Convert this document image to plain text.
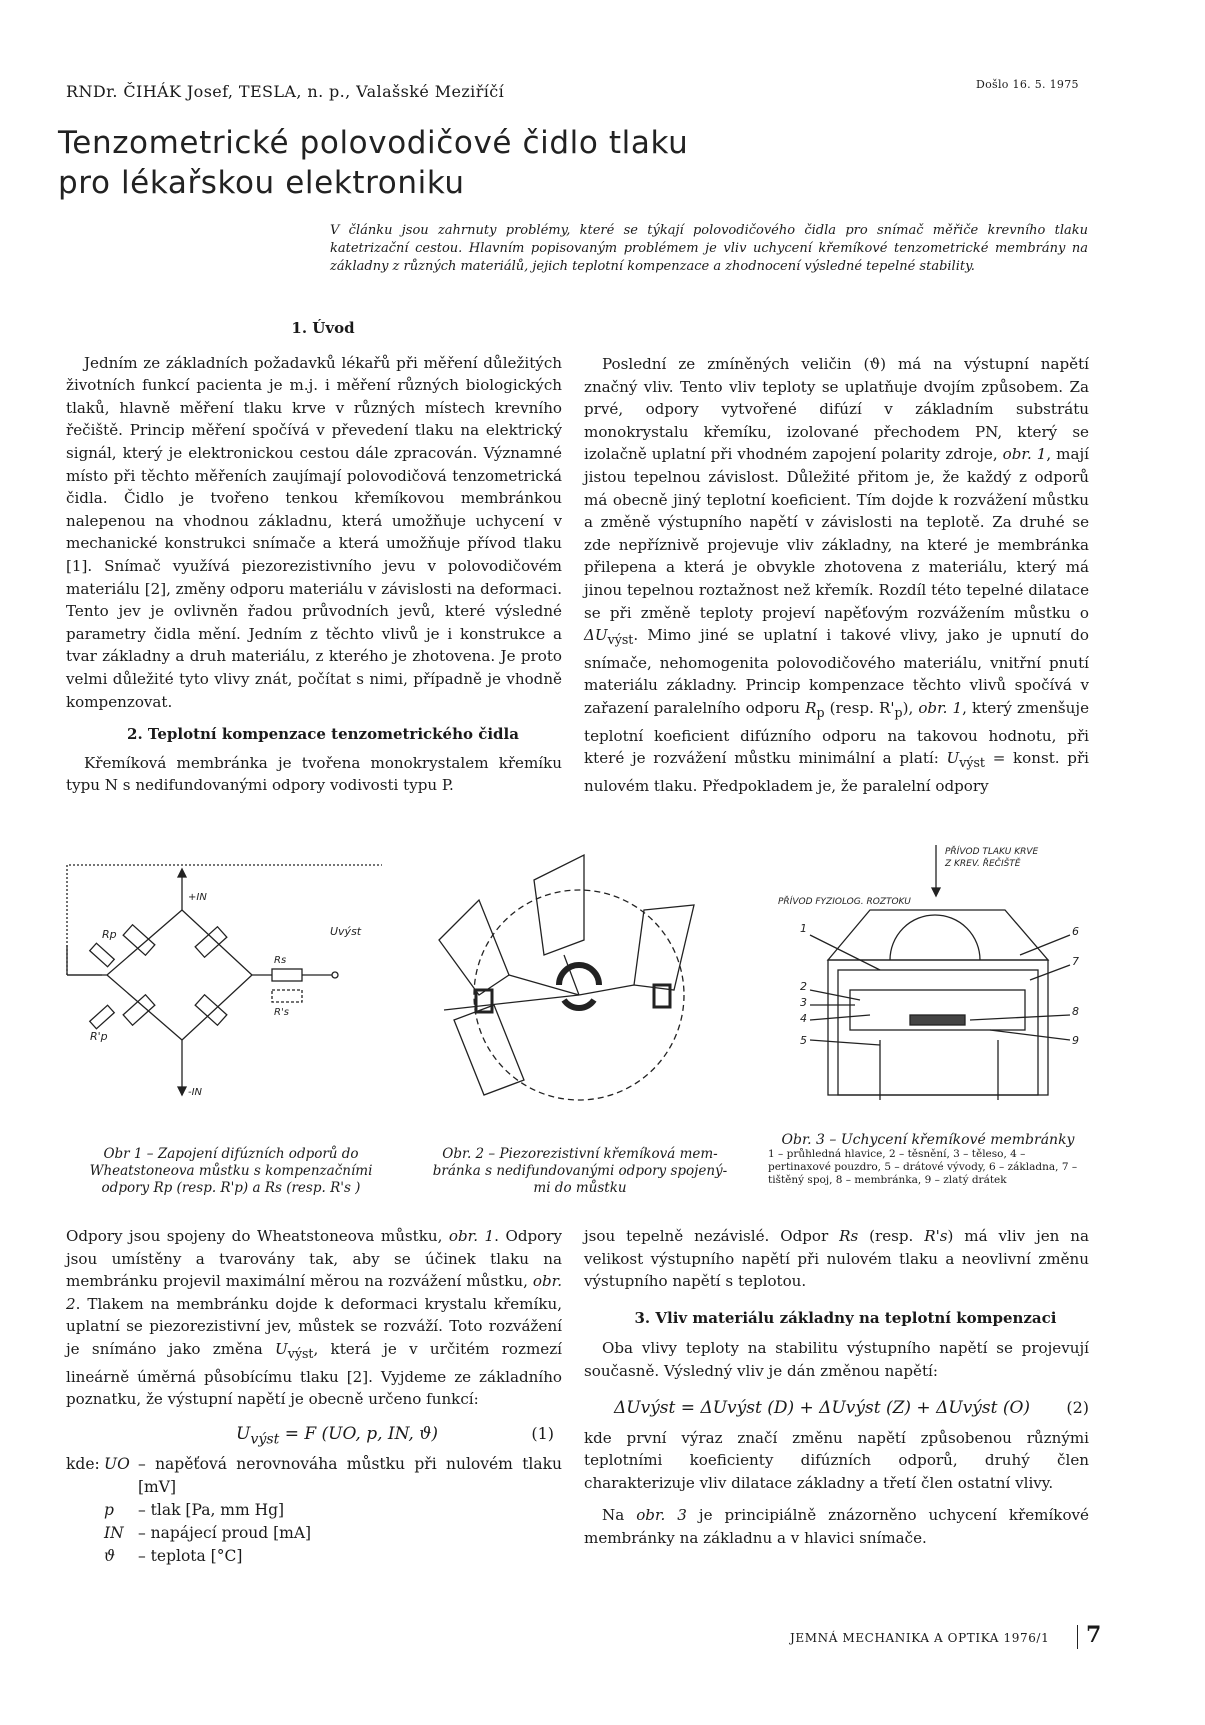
RNDr. ČIHÁK Josef, TESLA, n. p., Valašské Meziříčí	Došlo 16. 5. 1975
Tenzometrické polovodičové čidlo tlaku
pro lékařskou elektroniku

V článku jsou zahrnuty problémy, které se týkají polovodičového čidla pro snímač měřiče krevního tlaku katetrizační cestou. Hlavním popisovaným problémem je vliv uchycení křemíkové tenzometrické membrány na základny z různých materiálů, jejich teplotní kompenzace a zhodnocení výsledné tepelné stability.

1. Úvod

Jedním ze základních požadavků lékařů při měření důležitých životních funkcí pacienta je m.j. i měření různých biologických tlaků, hlavně měření tlaku krve v různých místech krevního řečiště. Princip měření spočívá v převedení tlaku na elektrický signál, který je elektronickou cestou dále zpracován. Významné místo při těchto měřeních zaujímají polovodičová tenzometrická čidla. Čidlo je tvořeno tenkou křemíkovou membránkou nalepenou na vhodnou základnu, která umožňuje uchycení v mechanické konstrukci snímače a která umožňuje přívod tlaku [1]. Snímač využívá piezorezistivního jevu v polovodičovém materiálu [2], změny odporu materiálu v závislosti na deformaci. Tento jev je ovlivněn řadou průvodních jevů, které výsledné parametry čidla mění. Jedním z těchto vlivů je i konstrukce a tvar základny a druh materiálu, z kterého je zhotovena. Je proto velmi důležité tyto vlivy znát, počítat s nimi, případně je vhodně kompenzovat.

2. Teplotní kompenzace tenzometrického čidla

Křemíková membránka je tvořena monokrystalem křemíku typu N s nedifundovanými odpory vodivosti typu P.

Poslední ze zmíněných veličin (ϑ) má na výstupní napětí značný vliv. Tento vliv teploty se uplatňuje dvojím způsobem. Za prvé, odpory vytvořené difúzí v základním substrátu monokrystalu křemíku, izolované přechodem PN, který se izolačně uplatní při vhodném zapojení polarity zdroje, obr. 1, mají jistou tepelnou závislost. Důležité přitom je, že každý z odporů má obecně jiný teplotní koeficient. Tím dojde k rozvážení můstku a změně výstupního napětí v závislosti na teplotě. Za druhé se zde nepříznivě projevuje vliv základny, na které je membránka přilepena a která je obvykle zhotovena z materiálu, který má jinou tepelnou roztažnost než křemík. Rozdíl této tepelné dilatace se při změně teploty projeví napěťovým rozvážením můstku o $\Delta U_{výst}$. Mimo jiné se uplatní i takové vlivy, jako je upnutí do snímače, nehomogenita polovodičového materiálu, vnitřní pnutí materiálu základny. Princip kompenzace těchto vlivů spočívá v zařazení paralelního odporu $R_p$ (resp. $R'_p$), obr. 1, který zmenšuje teplotní koeficient difúzního odporu na takovou hodnotu, při které je rozvážení můstku minimální a platí: $U_{výst}$ = konst. při nulovém tlaku. Předpokladem je, že paralelní odpory

Rp
R'p
Rs
R's
+IN
-IN
Uvýst
PŘÍVOD TLAKU KRVE
Z KREV. ŘEČIŠTĚ
PŘÍVOD FYZIOLOG. ROZTOKU
1
2
3
4
5
6
7
8
9
Obr 1 – Zapojení difúzních odporů do
Wheatstoneova můstku s kompenzačními
odpory Rp (resp. R'p) a Rs (resp. R's )
Obr. 2 – Piezorezistivní křemíková mem-
bránka s nedifundovanými odpory spojený-
mi do můstku
Obr. 3 – Uchycení křemíkové membránky
1 – průhledná hlavice, 2 – těsnění, 3 – těleso, 4 – pertinaxové pouzdro, 5 – drátové vývody, 6 – základna, 7 – tištěný spoj, 8 – membránka, 9 – zlatý drátek

Odpory jsou spojeny do Wheatstoneova můstku, obr. 1. Odpory jsou umístěny a tvarovány tak, aby se účinek tlaku na membránku projevil maximální měrou na rozvážení můstku, obr. 2. Tlakem na membránku dojde k deformaci krystalu křemíku, uplatní se piezorezistivní jev, můstek se rozváží. Toto rozvážení je snímáno jako změna $U_{výst}$, která je v určitém rozmezí lineárně úměrná působícímu tlaku [2]. Vyjdeme ze základního poznatku, že výstupní napětí je obecně určeno funkcí:

$U_{výst} = F$ (UO, p, IN, ϑ)	(1)
kde: UO – napěťová nerovnováha můstku při nulovém tlaku [mV]
p – tlak [Pa, mm Hg]
IN – napájecí proud [mA]
ϑ – teplota [°C]

jsou tepelně nezávislé. Odpor Rs (resp. R's) má vliv jen na velikost výstupního napětí při nulovém tlaku a neovlivní změnu výstupního napětí s teplotou.

3. Vliv materiálu základny na teplotní kompenzaci

Oba vlivy teploty na stabilitu výstupního napětí se projevují současně. Výsledný vliv je dán změnou napětí:

ΔUvýst = ΔUvýst (D) + ΔUvýst (Z) + ΔUvýst (O) (2)

kde první výraz značí změnu napětí způsobenou různými teplotními koeficienty difúzních odporů, druhý člen charakterizuje vliv dilatace základny a třetí člen ostatní vlivy.

Na obr. 3 je principiálně znázorněno uchycení křemíkové membránky na základnu a v hlavici snímače.

JEMNÁ MECHANIKA A OPTIKA 1976/1 7
